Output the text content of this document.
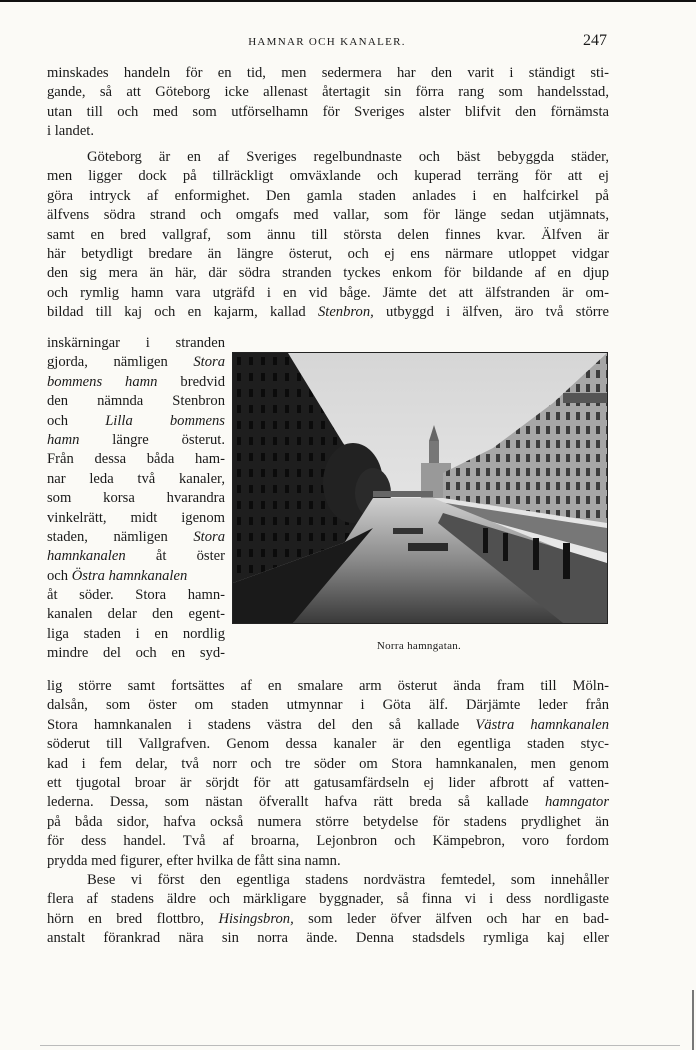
HAMNAR OCH KANALER.	247
minskades handeln för en tid, men sedermera har den varit i ständigt sti-
gande, så att Göteborg icke allenast återtagit sin förra rang som handelsstad,
utan till och med som utförselhamn för Sveriges alster blifvit den förnämsta
i landet.
Göteborg är en af Sveriges regelbundnaste och bäst bebyggda städer,
men ligger dock på tillräckligt omväxlande och kuperad terräng för att ej
göra intryck af enformighet. Den gamla staden anlades i en halfcirkel på
älfvens södra strand och omgafs med vallar, som för länge sedan utjämnats,
samt en bred vallgraf, som ännu till största delen finnes kvar. Älfven är
här betydligt bredare än längre österut, och ej ens närmare utloppet vidgar
den sig mera än här, där södra stranden tyckes enkom för bildande af en djup
och rymlig hamn vara utgräfd i en vid båge. Jämte det att älfstranden är om-
bildad till kaj och en kajarm, kallad Stenbron, utbyggd i älfven, äro två större
inskärningar i stranden
gjorda, nämligen Stora
bommens hamn bredvid
den nämnda Stenbron
och Lilla bommens
hamn längre österut.
Från dessa båda ham-
nar leda två kanaler,
som korsa hvarandra
vinkelrätt, midt igenom
staden, nämligen Stora
hamnkanalen åt öster
och Östra hamnkanalen
åt söder. Stora hamn-
kanalen delar den egent-
liga staden i en nordlig
mindre del och en syd-	Norra hamngatan.
lig större samt fortsättes af en smalare arm österut ända fram till Möln-
dalsån, som öster om staden utmynnar i Göta älf. Därjämte leder från
Stora hamnkanalen i stadens västra del den så kallade Västra hamnkanalen
söderut till Vallgrafven. Genom dessa kanaler är den egentliga staden styc-
kad i fem delar, två norr och tre söder om Stora hamnkanalen, men genom
ett tjugotal broar är sörjdt för att gatusamfärdseln ej lider afbrott af vatten-
lederna. Dessa, som nästan öfverallt hafva rätt breda så kallade hamngator
på båda sidor, hafva också numera större betydelse för stadens prydlighet än
för dess handel. Två af broarna, Lejonbron och Kämpebron, voro fordom
prydda med figurer, efter hvilka de fått sina namn.
Bese vi först den egentliga stadens nordvästra femtedel, som innehåller
flera af stadens äldre och märkligare byggnader, så finna vi i dess nordligaste
hörn en bred flottbro, Hisingsbron, som leder öfver älfven och har en bad-
anstalt förankrad nära sin norra ände. Denna stadsdels rymliga kaj eller
